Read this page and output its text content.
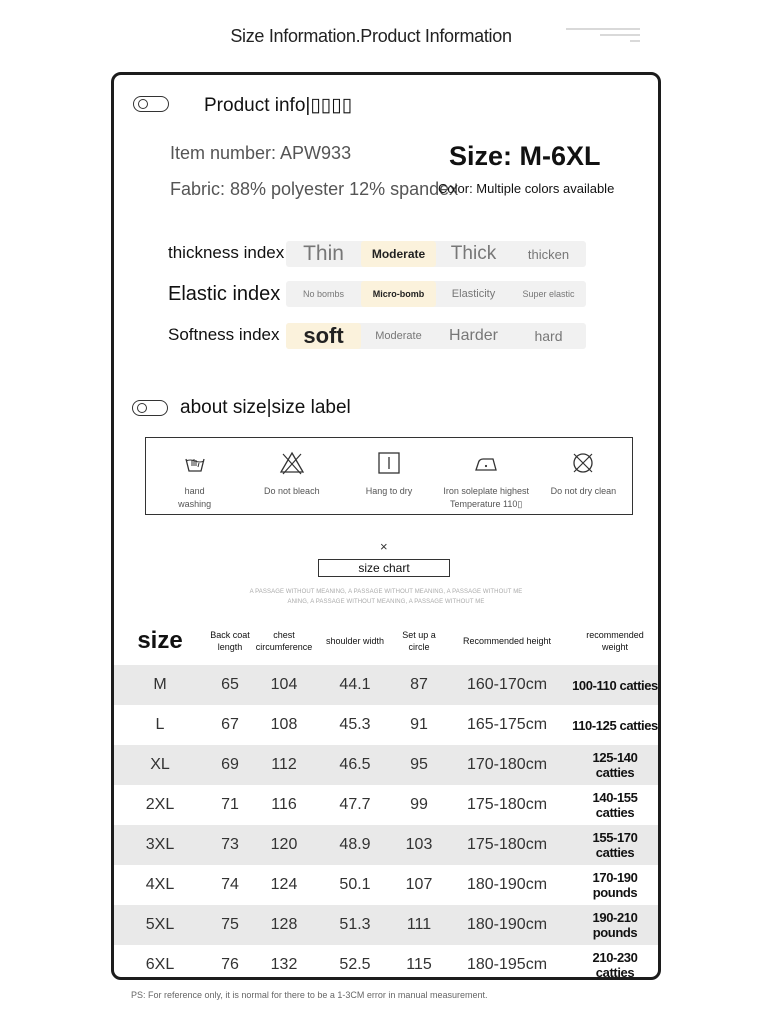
Size Information.Product Information
Product info|▯▯▯▯
Item number: APW933	Size: M-6XL
Fabric: 88% polyester 12% spandex
Color: Multiple colors available
thickness index Thin	Moderate	Thick	thicken
Elastic index	No bombs	Micro-bomb	Elasticity	Super elastic
Softness index	soft	Moderate	Harder	hard
about size|size label
hand washing
Do not bleach	Hang to dry	Iron soleplate highest Temperature 110▯
Do not dry clean
×
size chart
A PASSAGE WITHOUT MEANING, A PASSAGE WITHOUT MEANING, A PASSAGE WITHOUT ME
ANING, A PASSAGE WITHOUT MEANING, A PASSAGE WITHOUT ME
size	Back coat length	chest circumference	shoulder width	Set up a circle	Recommended height	recommended weight
M	65	104	44.1	87	160-170cm	100-110 catties
L	67	108	45.3	91	165-175cm	110-125 catties
XL	69	112	46.5	95	170-180cm	125-140 catties
2XL	71	116	47.7	99	175-180cm	140-155 catties
3XL	73	120	48.9	103	175-180cm	155-170 catties
4XL	74	124	50.1	107	180-190cm	170-190 pounds
5XL	75	128	51.3	111	180-190cm	190-210 pounds
6XL	76	132	52.5	115	180-195cm	210-230 catties
PS: For reference only, it is normal for there to be a 1-3CM error in manual measurement.
